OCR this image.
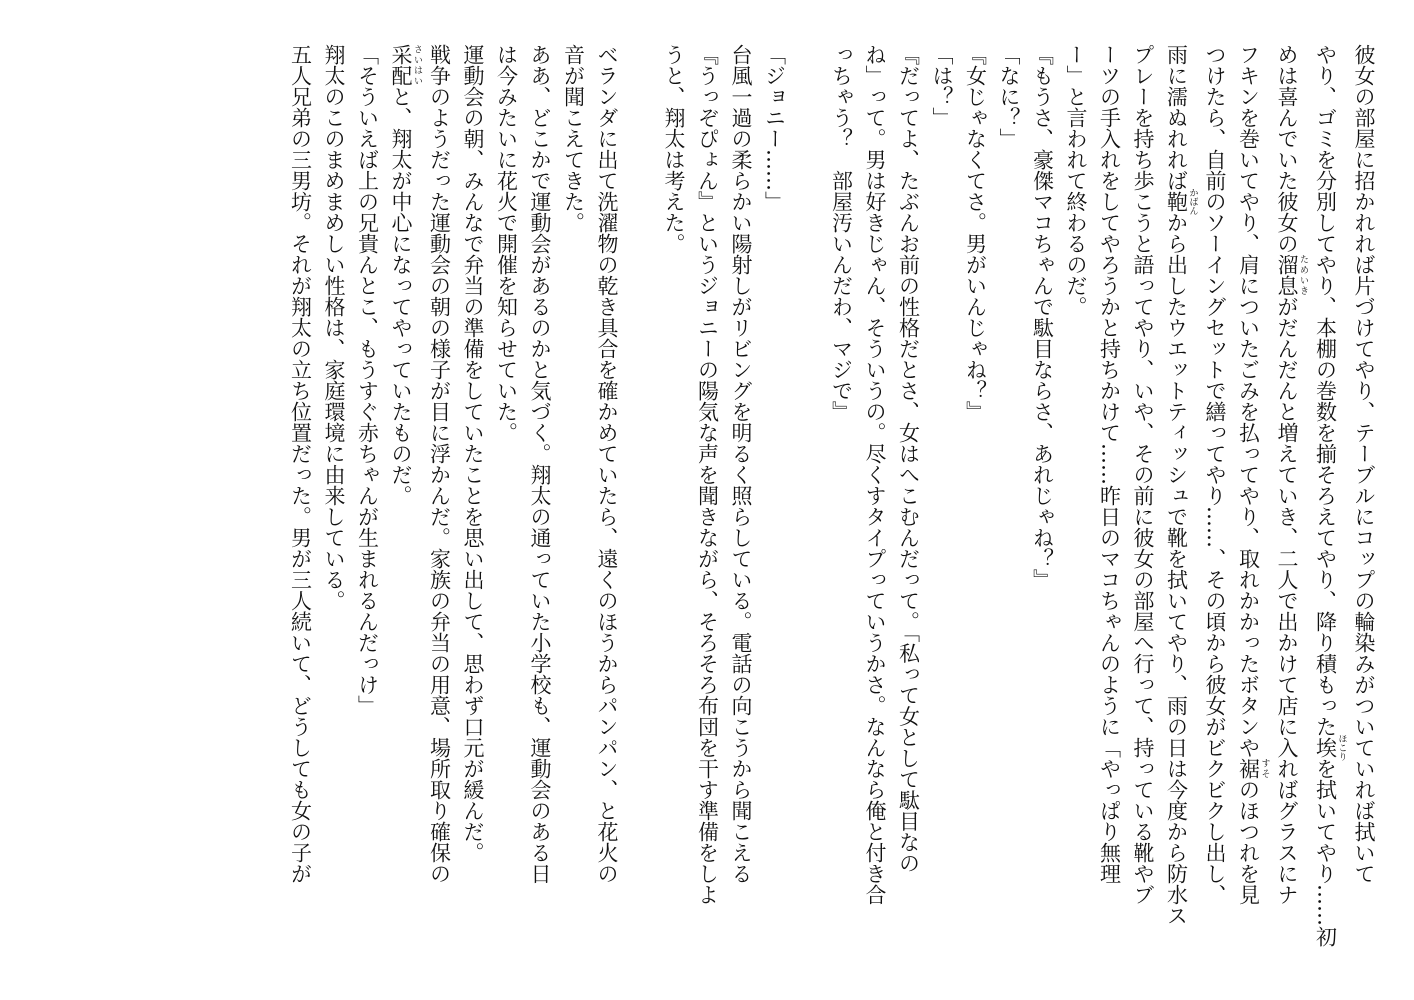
彼女の部屋に招かれれば片づけてやり、テーブルにコップの輪染みがついていれば拭いて
やり、ゴミを分別してやり、本棚の巻数を揃そろえてやり、降り積もった埃 ほこりを拭いてやり……初
めは喜んでいた彼女の溜息 ためいきがだんだんと増えていき、二人で出かけて店に入ればグラスにナ
フキンを巻いてやり、肩についたごみを払ってやり、取れかかったボタンや裾 すそのほつれを見
つけたら、自前のソーイングセットで繕ってやり……、その頃から彼女がビクビクし出し、
雨に濡ぬれれば鞄 かばんから出したウエットティッシュで靴を拭いてやり、雨の日は今度から防水ス
プレーを持ち歩こうと語ってやり、いや、その前に彼女の部屋へ行って、持っている靴やブ
ーツの手入れをしてやろうかと持ちかけて……昨日のマコちゃんのように「やっぱり無理
ー」と言われて終わるのだ。
『もうさ、豪傑マコちゃんで駄目ならさ、あれじゃね？』
「なに？」
『女じゃなくてさ。男がいんじゃね？』
「は？」
『だってよ、たぶんお前の性格だとさ、女はへこむんだって。「私って女として駄目なの
ね」って。男は好きじゃん、そういうの。尽くすタイプっていうかさ。なんなら俺と付き合
っちゃう？　部屋汚いんだわ、マジで』
「ジョニー……」
台風一過の柔らかい陽射しがリビングを明るく照らしている。電話の向こうから聞こえる
『うっぞぴょん』というジョニーの陽気な声を聞きながら、そろそろ布団を干す準備をしよ
うと、翔太は考えた。
ベランダに出て洗濯物の乾き具合を確かめていたら、遠くのほうからパンパン、と花火の
音が聞こえてきた。
ああ、どこかで運動会があるのかと気づく。翔太の通っていた小学校も、運動会のある日
は今みたいに花火で開催を知らせていた。
運動会の朝、みんなで弁当の準備をしていたことを思い出して、思わず口元が緩んだ。
戦争のようだった運動会の朝の様子が目に浮かんだ。家族の弁当の用意、場所取り確保の
采配 さいはいと、翔太が中心になってやっていたものだ。
「そういえば上の兄貴んとこ、もうすぐ赤ちゃんが生まれるんだっけ」
翔太のこのまめまめしい性格は、家庭環境に由来している。
五人兄弟の三男坊。それが翔太の立ち位置だった。男が三人続いて、どうしても女の子が
